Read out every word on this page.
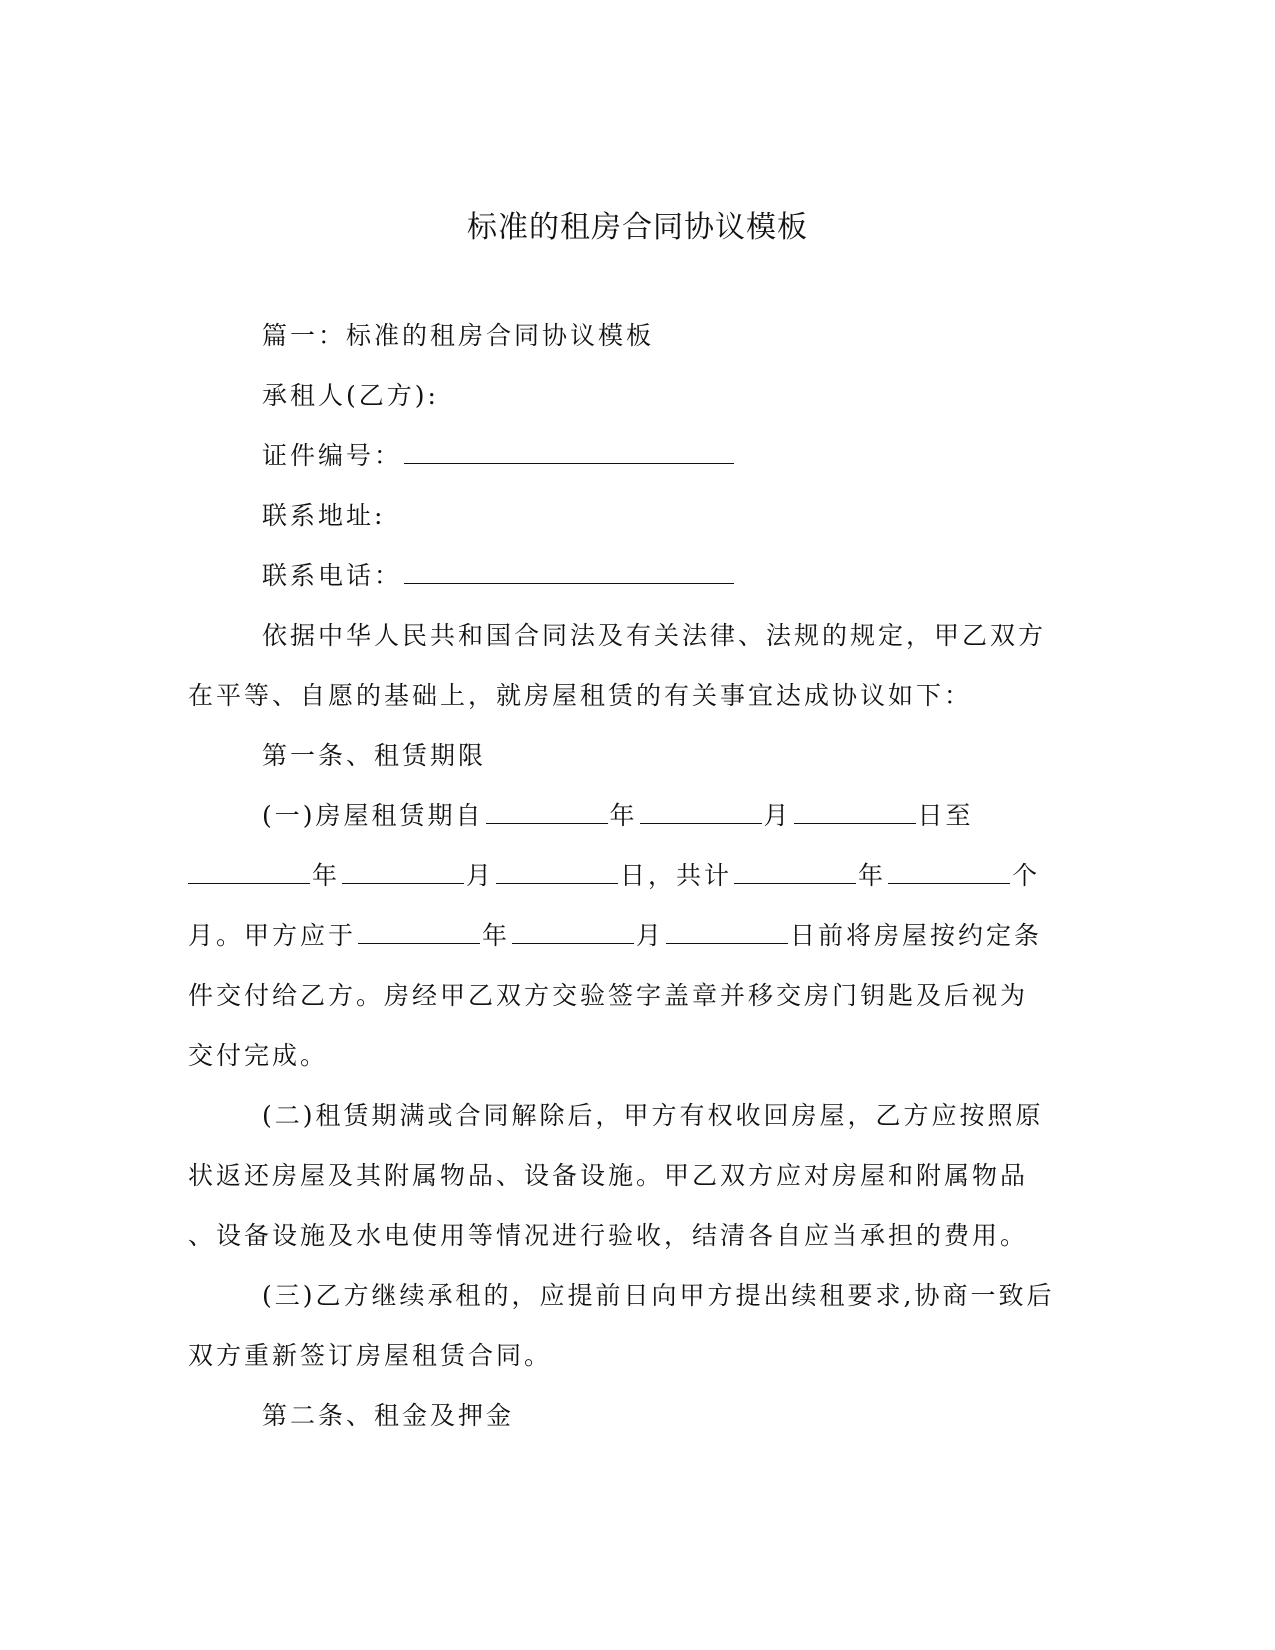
标准的租房合同协议模板
篇一：标准的租房合同协议模板
承租人(乙方):
证件编号：
联系地址:
联系电话：
依据中华人民共和国合同法及有关法律、法规的规定，甲乙双方
在平等、自愿的基础上，就房屋租赁的有关事宜达成协议如下：
第一条、租赁期限
(一)房屋租赁期自	年	月	日至
年	月	日，共计	年	个
月。甲方应于	年	月	日前将房屋按约定条
件交付给乙方。房经甲乙双方交验签字盖章并移交房门钥匙及后视为
交付完成。
(二)租赁期满或合同解除后，甲方有权收回房屋，乙方应按照原
状返还房屋及其附属物品、设备设施。甲乙双方应对房屋和附属物品
、设备设施及水电使用等情况进行验收，结清各自应当承担的费用。
(三)乙方继续承租的，应提前日向甲方提出续租要求,协商一致后
双方重新签订房屋租赁合同。
第二条、租金及押金
